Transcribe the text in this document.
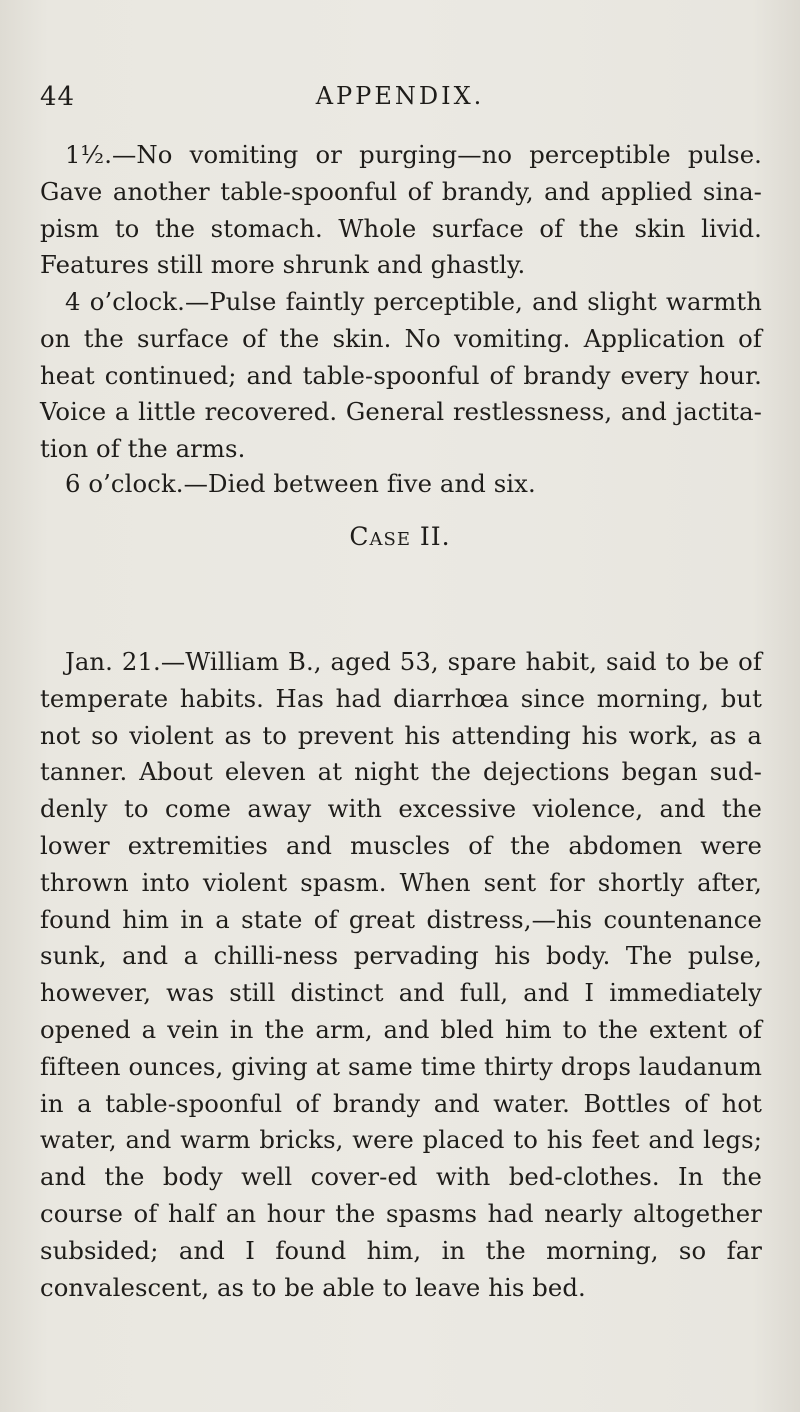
44	APPENDIX.

1½.—No vomiting or purging—no perceptible pulse. Gave another table-spoonful of brandy, and applied sina-pism to the stomach. Whole surface of the skin livid. Features still more shrunk and ghastly.

4 o’clock.—Pulse faintly perceptible, and slight warmth on the surface of the skin. No vomiting. Application of heat continued; and table-spoonful of brandy every hour. Voice a little recovered. General restlessness, and jactita-tion of the arms.

6 o’clock.—Died between five and six.

Case II.

Jan. 21.—William B., aged 53, spare habit, said to be of temperate habits. Has had diarrhœa since morning, but not so violent as to prevent his attending his work, as a tanner. About eleven at night the dejections began sud-denly to come away with excessive violence, and the lower extremities and muscles of the abdomen were thrown into violent spasm. When sent for shortly after, found him in a state of great distress,—his countenance sunk, and a chilli-ness pervading his body. The pulse, however, was still distinct and full, and I immediately opened a vein in the arm, and bled him to the extent of fifteen ounces, giving at same time thirty drops laudanum in a table-spoonful of brandy and water. Bottles of hot water, and warm bricks, were placed to his feet and legs; and the body well cover-ed with bed-clothes. In the course of half an hour the spasms had nearly altogether subsided; and I found him, in the morning, so far convalescent, as to be able to leave his bed.
